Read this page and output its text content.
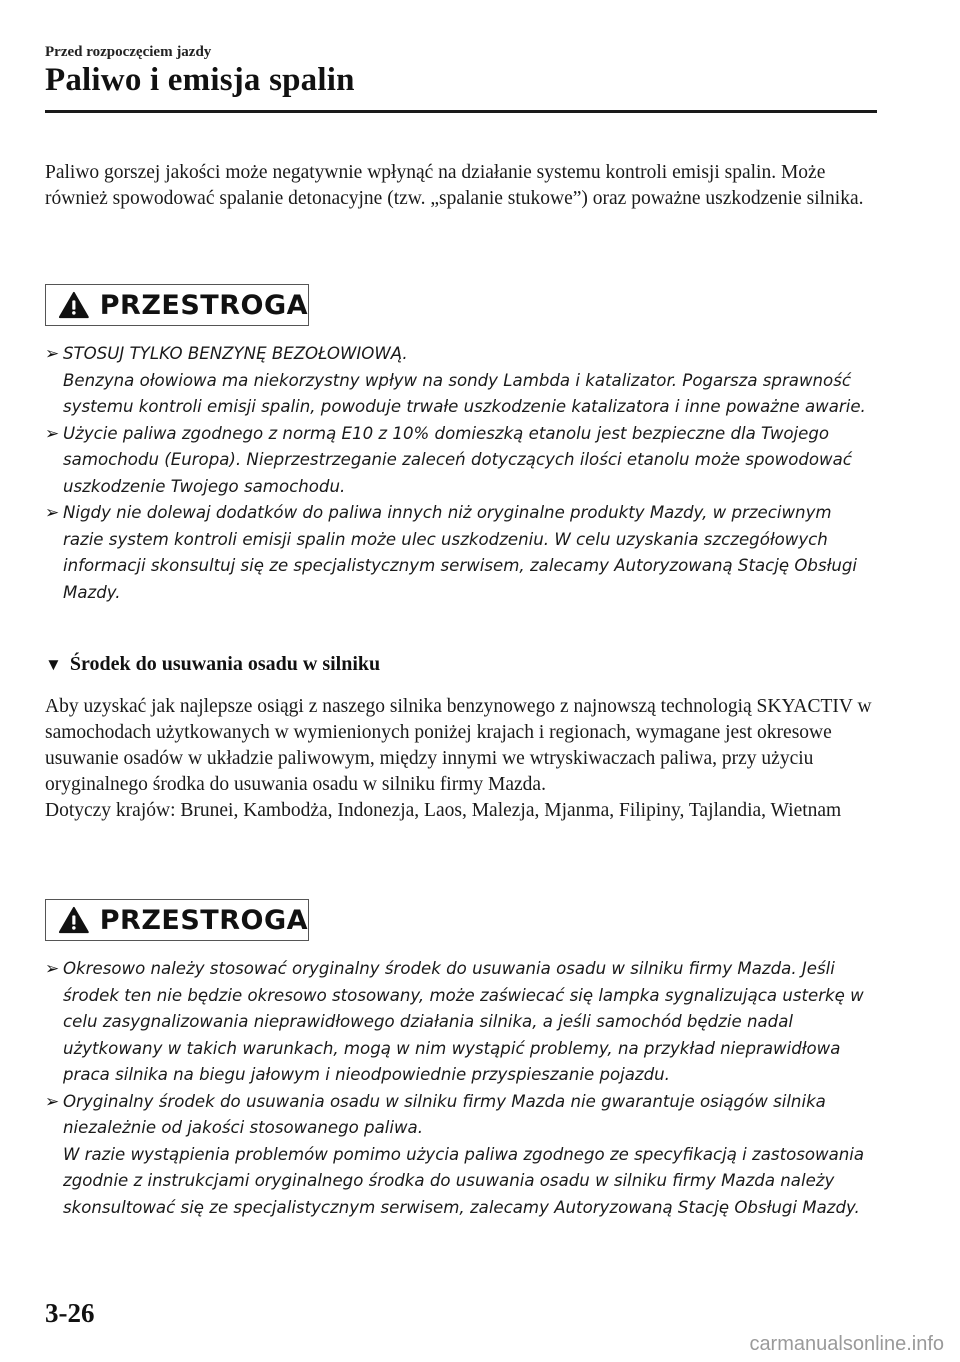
Przed rozpoczęciem jazdy
Paliwo i emisja spalin

Paliwo gorszej jakości może negatywnie wpłynąć na działanie systemu kontroli emisji spalin. Może również spowodować spalanie detonacyjne (tzw. „spalanie stukowe”) oraz poważne uszkodzenie silnika.

PRZESTROGA
➢ STOSUJ TYLKO BENZYNĘ BEZOŁOWIOWĄ.
Benzyna ołowiowa ma niekorzystny wpływ na sondy Lambda i katalizator. Pogarsza sprawność systemu kontroli emisji spalin, powoduje trwałe uszkodzenie katalizatora i inne poważne awarie.
➢ Użycie paliwa zgodnego z normą E10 z 10% domieszką etanolu jest bezpieczne dla Twojego samochodu (Europa). Nieprzestrzeganie zaleceń dotyczących ilości etanolu może spowodować uszkodzenie Twojego samochodu.
➢ Nigdy nie dolewaj dodatków do paliwa innych niż oryginalne produkty Mazdy, w przeciwnym razie system kontroli emisji spalin może ulec uszkodzeniu. W celu uzyskania szczegółowych informacji skonsultuj się ze specjalistycznym serwisem, zalecamy Autoryzowaną Stację Obsługi Mazdy.
▼ Środek do usuwania osadu w silniku

Aby uzyskać jak najlepsze osiągi z naszego silnika benzynowego z najnowszą technologią SKYACTIV w samochodach użytkowanych w wymienionych poniżej krajach i regionach, wymagane jest okresowe usuwanie osadów w układzie paliwowym, między innymi we wtryskiwaczach paliwa, przy użyciu oryginalnego środka do usuwania osadu w silniku firmy Mazda.

Dotyczy krajów: Brunei, Kambodża, Indonezja, Laos, Malezja, Mjanma, Filipiny, Tajlandia, Wietnam

PRZESTROGA
➢ Okresowo należy stosować oryginalny środek do usuwania osadu w silniku firmy Mazda. Jeśli środek ten nie będzie okresowo stosowany, może zaświecać się lampka sygnalizująca usterkę w celu zasygnalizowania nieprawidłowego działania silnika, a jeśli samochód będzie nadal użytkowany w takich warunkach, mogą w nim wystąpić problemy, na przykład nieprawidłowa praca silnika na biegu jałowym i nieodpowiednie przyspieszanie pojazdu.
➢ Oryginalny środek do usuwania osadu w silniku firmy Mazda nie gwarantuje osiągów silnika niezależnie od jakości stosowanego paliwa.
W razie wystąpienia problemów pomimo użycia paliwa zgodnego ze specyfikacją i zastosowania zgodnie z instrukcjami oryginalnego środka do usuwania osadu w silniku firmy Mazda należy skonsultować się ze specjalistycznym serwisem, zalecamy Autoryzowaną Stację Obsługi Mazdy.
3-26
carmanualsonline.info
